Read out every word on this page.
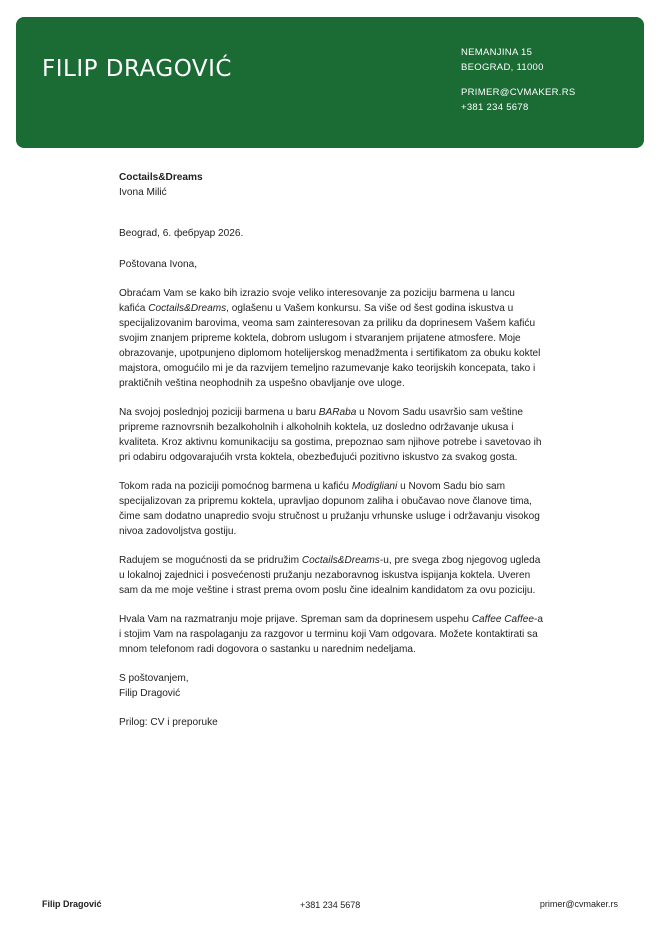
FILIP DRAGOVIĆ
NEMANJINA 15
BEOGRAD, 11000
PRIMER@CVMAKER.RS
+381 234 5678

Coctails&Dreams

Ivona Milić

Beograd, 6. фебруар 2026.

Poštovana Ivona,

Obraćam Vam se kako bih izrazio svoje veliko interesovanje za poziciju barmena u lancu kafića Coctails&Dreams, oglašenu u Vašem konkursu. Sa više od šest godina iskustva u specijalizovanim barovima, veoma sam zainteresovan za priliku da doprinesem Vašem kafiću svojim znanjem pripreme koktela, dobrom uslugom i stvaranjem prijatene atmosfere. Moje obrazovanje, upotpunjeno diplomom hotelijerskog menadžmenta i sertifikatom za obuku koktel majstora, omogućilo mi je da razvijem temeljno razumevanje kako teorijskih koncepata, tako i praktičnih veština neophodnih za uspešno obavljanje ove uloge.

Na svojoj poslednjoj poziciji barmena u baru BARaba u Novom Sadu usavršio sam veštine pripreme raznovrsnih bezalkoholnih i alkoholnih koktela, uz dosledno održavanje ukusa i kvaliteta. Kroz aktivnu komunikaciju sa gostima, prepoznao sam njihove potrebe i savetovao ih pri odabiru odgovarajućih vrsta koktela, obezbeđujući pozitivno iskustvo za svakog gosta.

Tokom rada na poziciji pomoćnog barmena u kafiću Modigliani u Novom Sadu bio sam specijalizovan za pripremu koktela, upravljao dopunom zaliha i obučavao nove članove tima, čime sam dodatno unapredio svoju stručnost u pružanju vrhunske usluge i održavanju visokog nivoa zadovoljstva gostiju.

Radujem se mogućnosti da se pridružim Coctails&Dreams-u, pre svega zbog njegovog ugleda u lokalnoj zajednici i posvećenosti pružanju nezaboravnog iskustva ispijanja koktela. Uveren sam da me moje veštine i strast prema ovom poslu čine idealnim kandidatom za ovu poziciju.

Hvala Vam na razmatranju moje prijave. Spreman sam da doprinesem uspehu Caffee Caffee-a i stojim Vam na raspolaganju za razgovor u terminu koji Vam odgovara. Možete kontaktirati sa mnom telefonom radi dogovora o sastanku u narednim nedeljama.

S poštovanjem,

Filip Dragović

Prilog: CV i preporuke

Filip Dragović	+381 234 5678	primer@cvmaker.rs
